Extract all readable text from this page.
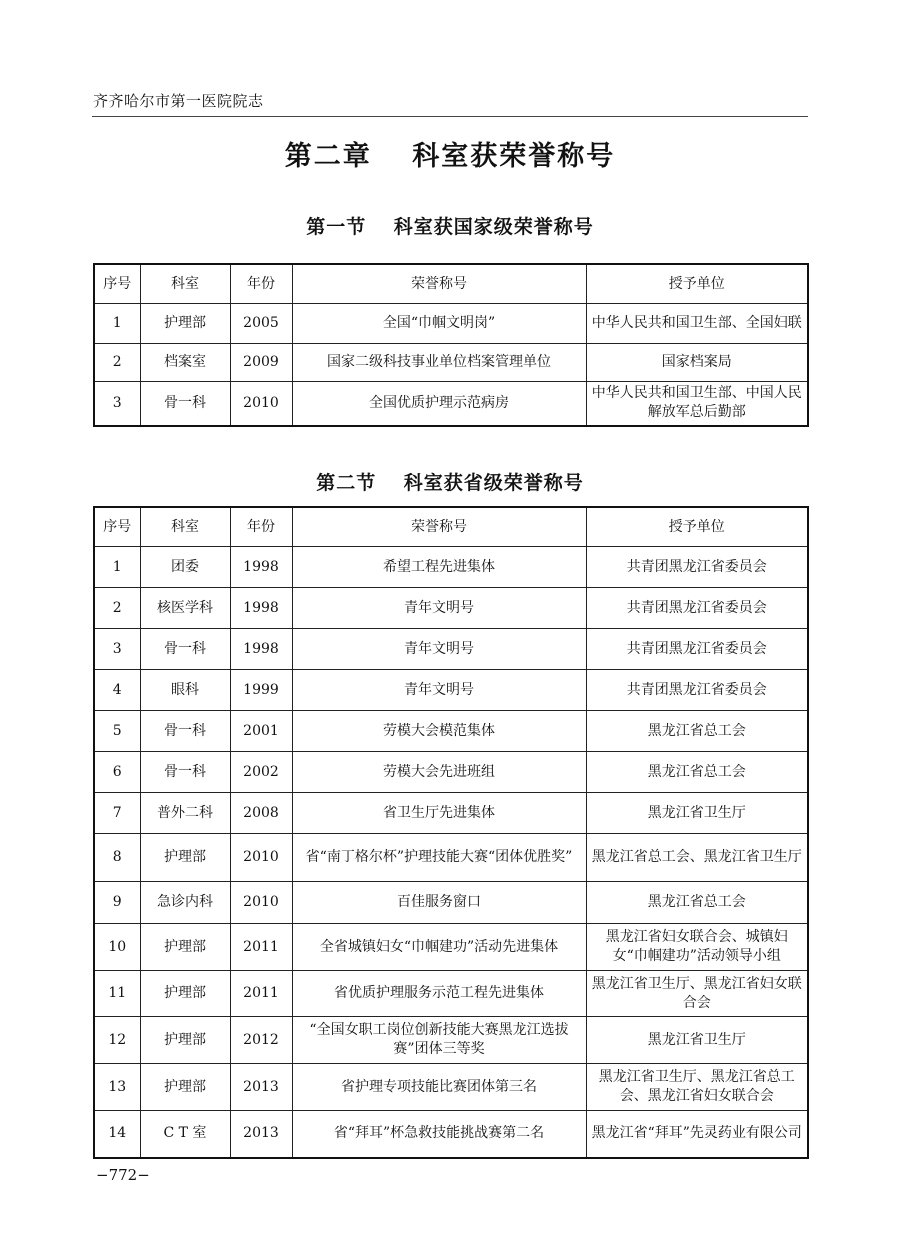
齐齐哈尔市第一医院院志
第二章　 科室获荣誉称号
第一节　 科室获国家级荣誉称号
序号	科室	年份	荣誉称号	授予单位
1	护理部	2005	全国“巾帼文明岗”	中华人民共和国卫生部、全国妇联
2	档案室	2009	国家二级科技事业单位档案管理单位	国家档案局
3	骨一科	2010	全国优质护理示范病房	中华人民共和国卫生部、中国人民解放军总后勤部
第二节　 科室获省级荣誉称号
序号	科室	年份	荣誉称号	授予单位
1	团委	1998	希望工程先进集体	共青团黑龙江省委员会
2	核医学科	1998	青年文明号	共青团黑龙江省委员会
3	骨一科	1998	青年文明号	共青团黑龙江省委员会
4	眼科	1999	青年文明号	共青团黑龙江省委员会
5	骨一科	2001	劳模大会模范集体	黑龙江省总工会
6	骨一科	2002	劳模大会先进班组	黑龙江省总工会
7	普外二科	2008	省卫生厅先进集体	黑龙江省卫生厅
8	护理部	2010	省“南丁格尔杯”护理技能大赛“团体优胜奖”	黑龙江省总工会、黑龙江省卫生厅
9	急诊内科	2010	百佳服务窗口	黑龙江省总工会
10	护理部	2011	全省城镇妇女“巾帼建功”活动先进集体	黑龙江省妇女联合会、城镇妇女“巾帼建功”活动领导小组
11	护理部	2011	省优质护理服务示范工程先进集体	黑龙江省卫生厅、黑龙江省妇女联合会
12	护理部	2012	“全国女职工岗位创新技能大赛黑龙江选拔赛”团体三等奖	黑龙江省卫生厅
13	护理部	2013	省护理专项技能比赛团体第三名	黑龙江省卫生厅、黑龙江省总工会、黑龙江省妇女联合会
14	C T 室	2013	省“拜耳”杯急救技能挑战赛第二名	黑龙江省“拜耳”先灵药业有限公司
−772−
